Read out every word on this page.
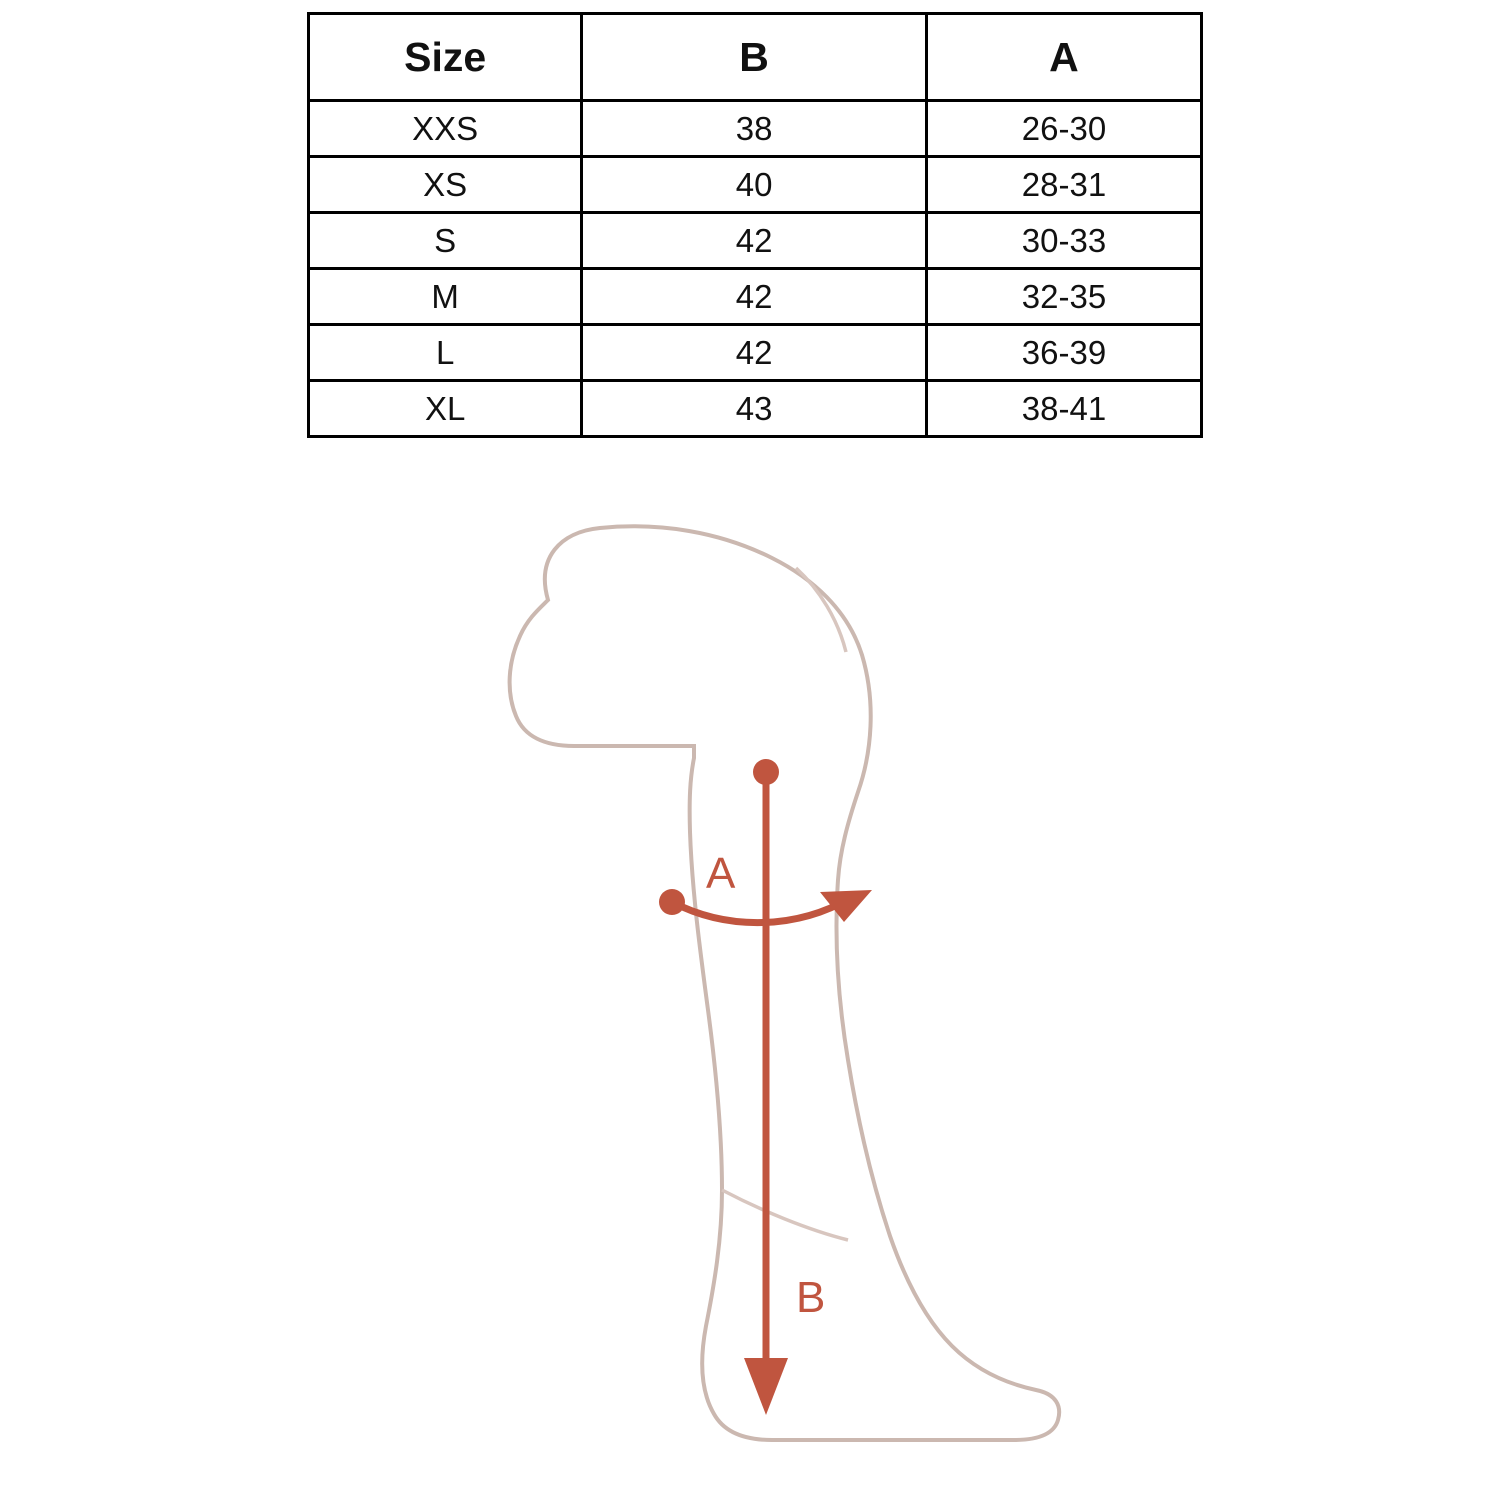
Size	B	A
XXS	38	26-30
XS	40	28-31
S	42	30-33
M	42	32-35
L	42	36-39
XL	43	38-41
B
A
